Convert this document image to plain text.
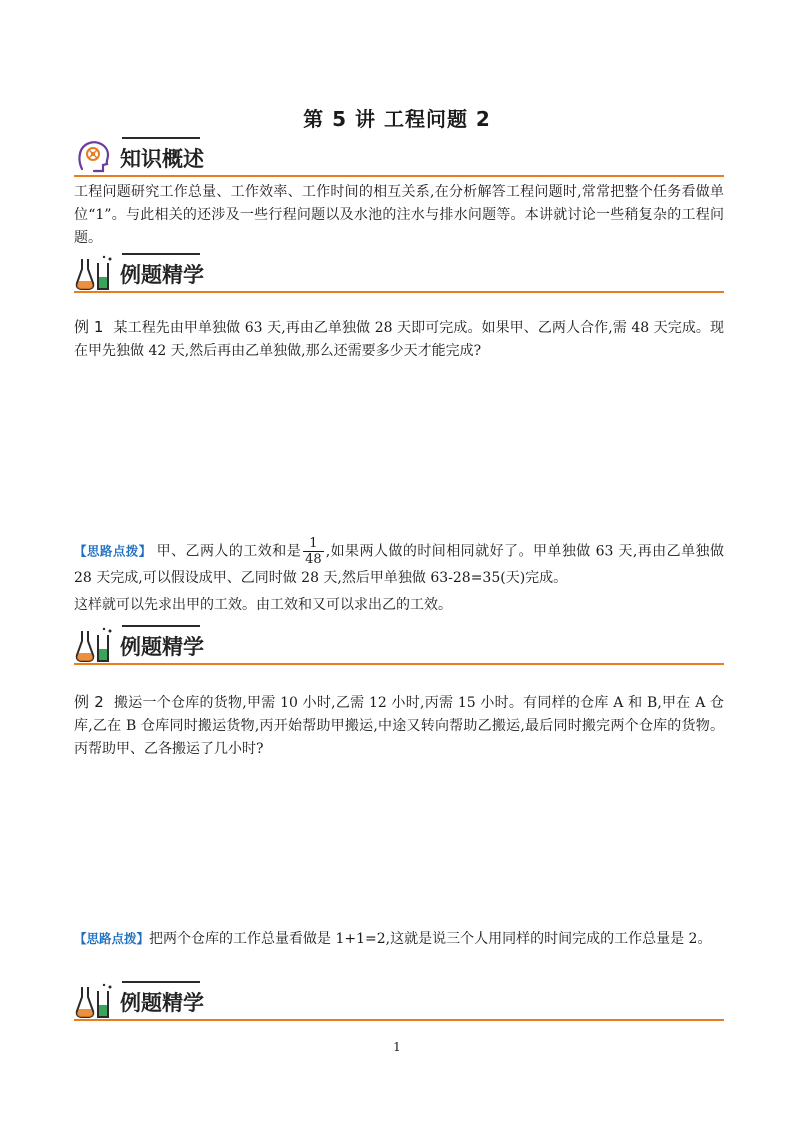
第 5 讲 工程问题 2
知识概述

工程问题研究工作总量、工作效率、工作时间的相互关系,在分析解答工程问题时,常常把整个任务看做单位“1”。与此相关的还涉及一些行程问题以及水池的注水与排水问题等。本讲就讨论一些稍复杂的工程问题。

例题精学

例 1 某工程先由甲单独做 63 天,再由乙单独做 28 天即可完成。如果甲、乙两人合作,需 48 天完成。现在甲先独做 42 天,然后再由乙单独做,那么还需要多少天才能完成?

【思路点拨】 甲、乙两人的工效和是 $\frac{1}{48}$ ,如果两人做的时间相同就好了。甲单独做 63 天,再由乙单独做 28 天完成,可以假设成甲、乙同时做 28 天,然后甲单独做 63-28=35(天)完成。

这样就可以先求出甲的工效。由工效和又可以求出乙的工效。

例题精学

例 2 搬运一个仓库的货物,甲需 10 小时,乙需 12 小时,丙需 15 小时。有同样的仓库 A 和 B,甲在 A 仓库,乙在 B 仓库同时搬运货物,丙开始帮助甲搬运,中途又转向帮助乙搬运,最后同时搬完两个仓库的货物。丙帮助甲、乙各搬运了几小时?

【思路点拨】把两个仓库的工作总量看做是 1+1=2,这就是说三个人用同样的时间完成的工作总量是 2。

例题精学
1
